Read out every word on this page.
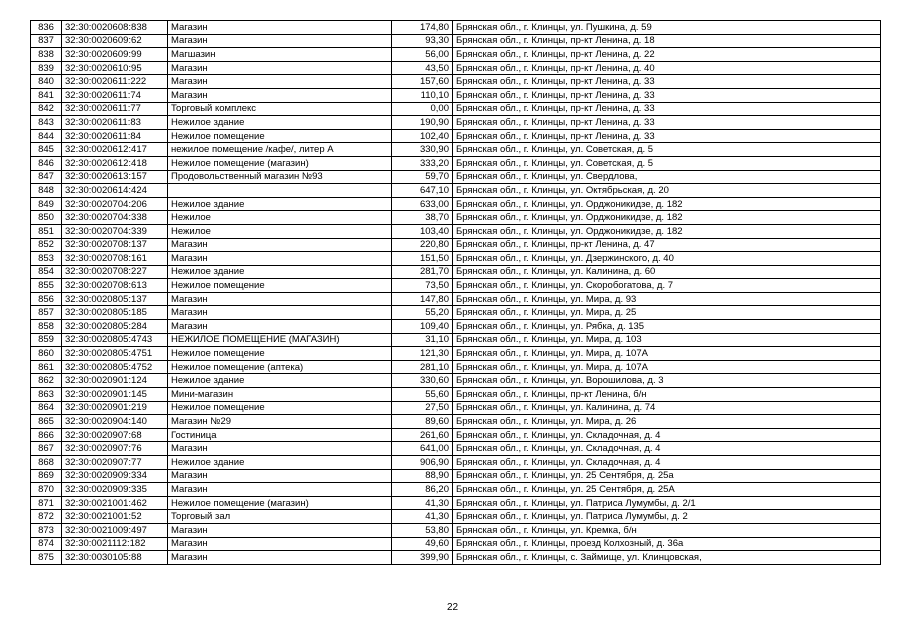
836	32:30:0020608:838	Магазин	174,80	Брянская обл., г. Клинцы, ул. Пушкина, д. 59
837	32:30:0020609:62	Магазин	93,30	Брянская обл., г. Клинцы, пр-кт Ленина, д. 18
838	32:30:0020609:99	Магшазин	56,00	Брянская обл., г. Клинцы, пр-кт Ленина, д. 22
839	32:30:0020610:95	Магазин	43,50	Брянская обл., г. Клинцы, пр-кт Ленина, д. 40
840	32:30:0020611:222	Магазин	157,60	Брянская обл., г. Клинцы, пр-кт Ленина, д. 33
841	32:30:0020611:74	Магазин	110,10	Брянская обл., г. Клинцы, пр-кт Ленина, д. 33
842	32:30:0020611:77	Торговый комплекс	0,00	Брянская обл., г. Клинцы, пр-кт Ленина, д. 33
843	32:30:0020611:83	Нежилое здание	190,90	Брянская обл., г. Клинцы, пр-кт Ленина, д. 33
844	32:30:0020611:84	Нежилое помещение	102,40	Брянская обл., г. Клинцы, пр-кт Ленина, д. 33
845	32:30:0020612:417	нежилое помещение /кафе/, литер А	330,90	Брянская обл., г. Клинцы, ул. Советская, д. 5
846	32:30:0020612:418	Нежилое помещение (магазин)	333,20	Брянская обл., г. Клинцы, ул. Советская, д. 5
847	32:30:0020613:157	Продовольственный магазин №93	59,70	Брянская обл., г. Клинцы, ул. Свердлова,
848	32:30:0020614:424		647,10	Брянская обл., г. Клинцы, ул. Октябрьская, д. 20
849	32:30:0020704:206	Нежилое здание	633,00	Брянская обл., г. Клинцы, ул. Орджоникидзе, д. 182
850	32:30:0020704:338	Нежилое	38,70	Брянская обл., г. Клинцы, ул. Орджоникидзе, д. 182
851	32:30:0020704:339	Нежилое	103,40	Брянская обл., г. Клинцы, ул. Орджоникидзе, д. 182
852	32:30:0020708:137	Магазин	220,80	Брянская обл., г. Клинцы, пр-кт Ленина, д. 47
853	32:30:0020708:161	Магазин	151,50	Брянская обл., г. Клинцы, ул. Дзержинского, д. 40
854	32:30:0020708:227	Нежилое здание	281,70	Брянская обл., г. Клинцы, ул. Калинина, д. 60
855	32:30:0020708:613	Нежилое помещение	73,50	Брянская обл., г. Клинцы, ул. Скоробогатова, д. 7
856	32:30:0020805:137	Магазин	147,80	Брянская обл., г. Клинцы, ул. Мира, д. 93
857	32:30:0020805:185	Магазин	55,20	Брянская обл., г. Клинцы, ул. Мира, д. 25
858	32:30:0020805:284	Магазин	109,40	Брянская обл., г. Клинцы, ул. Рябка, д. 135
859	32:30:0020805:4743	НЕЖИЛОЕ ПОМЕЩЕНИЕ (МАГАЗИН)	31,10	Брянская обл., г. Клинцы, ул. Мира, д. 103
860	32:30:0020805:4751	Нежилое помещение	121,30	Брянская обл., г. Клинцы, ул. Мира, д. 107А
861	32:30:0020805:4752	Нежилое помещение (аптека)	281,10	Брянская обл., г. Клинцы, ул. Мира, д. 107А
862	32:30:0020901:124	Нежилое здание	330,60	Брянская обл., г. Клинцы, ул. Ворошилова, д. 3
863	32:30:0020901:145	Мини-магазин	55,60	Брянская обл., г. Клинцы, пр-кт Ленина, б/н
864	32:30:0020901:219	Нежилое помещение	27,50	Брянская обл., г. Клинцы, ул. Калинина, д. 74
865	32:30:0020904:140	Магазин №29	89,60	Брянская обл., г. Клинцы, ул. Мира, д. 26
866	32:30:0020907:68	Гостиница	261,60	Брянская обл., г. Клинцы, ул. Складочная, д. 4
867	32:30:0020907:76	Магазин	641,00	Брянская обл., г. Клинцы, ул. Складочная, д. 4
868	32:30:0020907:77	Нежилое здание	906,90	Брянская обл., г. Клинцы, ул. Складочная, д. 4
869	32:30:0020909:334	Магазин	88,90	Брянская обл., г. Клинцы, ул. 25 Сентября, д. 25а
870	32:30:0020909:335	Магазин	86,20	Брянская обл., г. Клинцы, ул. 25 Сентября, д. 25А
871	32:30:0021001:462	Нежилое помещение (магазин)	41,30	Брянская обл., г. Клинцы, ул. Патриса Лумумбы, д. 2/1
872	32:30:0021001:52	Торговый зал	41,30	Брянская обл., г. Клинцы, ул. Патриса Лумумбы, д. 2
873	32:30:0021009:497	Магазин	53,80	Брянская обл., г. Клинцы, ул. Кремка, б/н
874	32:30:0021112:182	Магазин	49,60	Брянская обл., г. Клинцы, проезд Колхозный, д. 36а
875	32:30:0030105:88	Магазин	399,90	Брянская обл., г. Клинцы, с. Займище, ул. Клинцовская,
22
